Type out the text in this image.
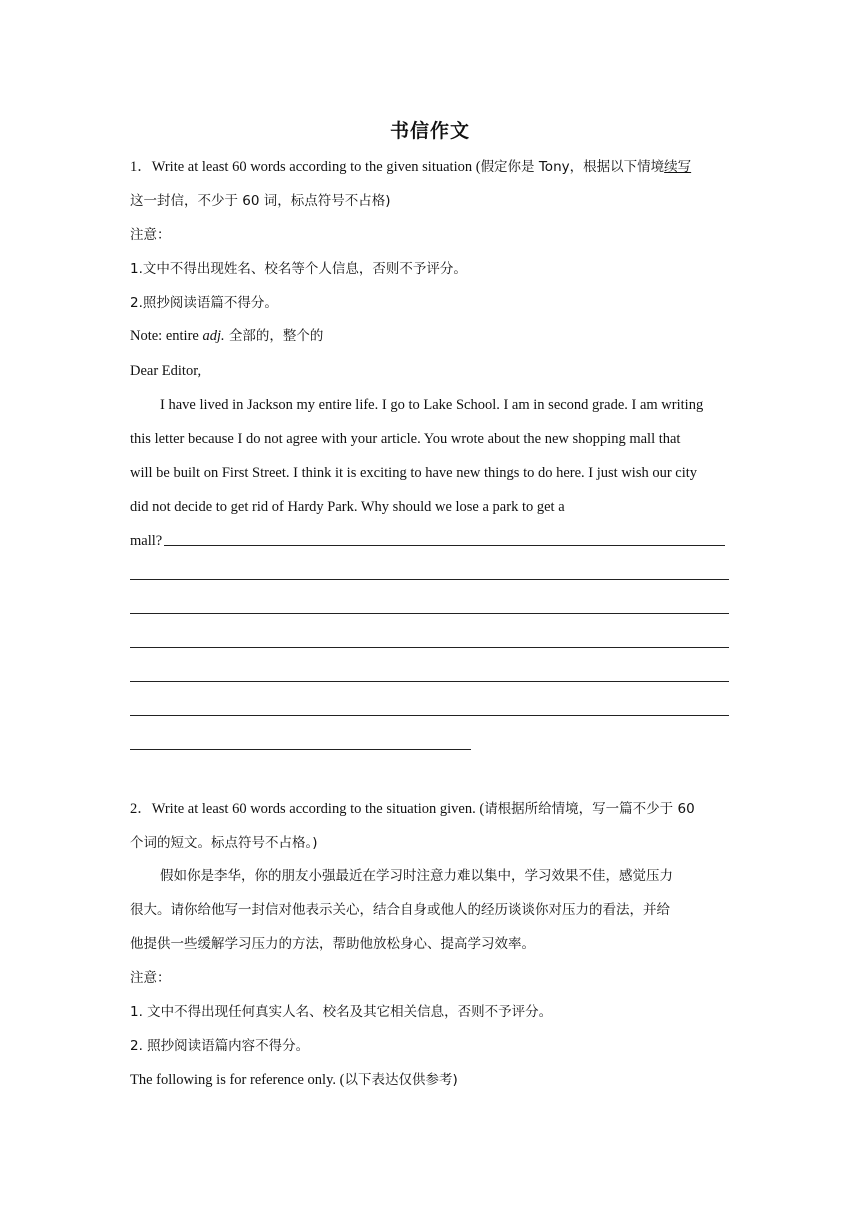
书信作文
1．Write at least 60 words according to the given situation (假定你是 Tony，根据以下情境续写
这一封信，不少于 60 词，标点符号不占格)
注意：
1.文中不得出现姓名、校名等个人信息，否则不予评分。
2.照抄阅读语篇不得分。
Note: entire adj. 全部的，整个的
Dear Editor,
I have lived in Jackson my entire life. I go to Lake School. I am in second grade. I am writing
this letter because I do not agree with your article. You wrote about the new shopping mall that
will be built on First Street. I think it is exciting to have new things to do here. I just wish our city
did not decide to get rid of Hardy Park. Why should we lose a park to get a
mall?
2．Write at least 60 words according to the situation given. (请根据所给情境，写一篇不少于 60
个词的短文。标点符号不占格。)
假如你是李华，你的朋友小强最近在学习时注意力难以集中，学习效果不佳，感觉压力
很大。请你给他写一封信对他表示关心，结合自身或他人的经历谈谈你对压力的看法，并给
他提供一些缓解学习压力的方法，帮助他放松身心、提高学习效率。
注意：
1. 文中不得出现任何真实人名、校名及其它相关信息，否则不予评分。
2. 照抄阅读语篇内容不得分。
The following is for reference only. (以下表达仅供参考)
